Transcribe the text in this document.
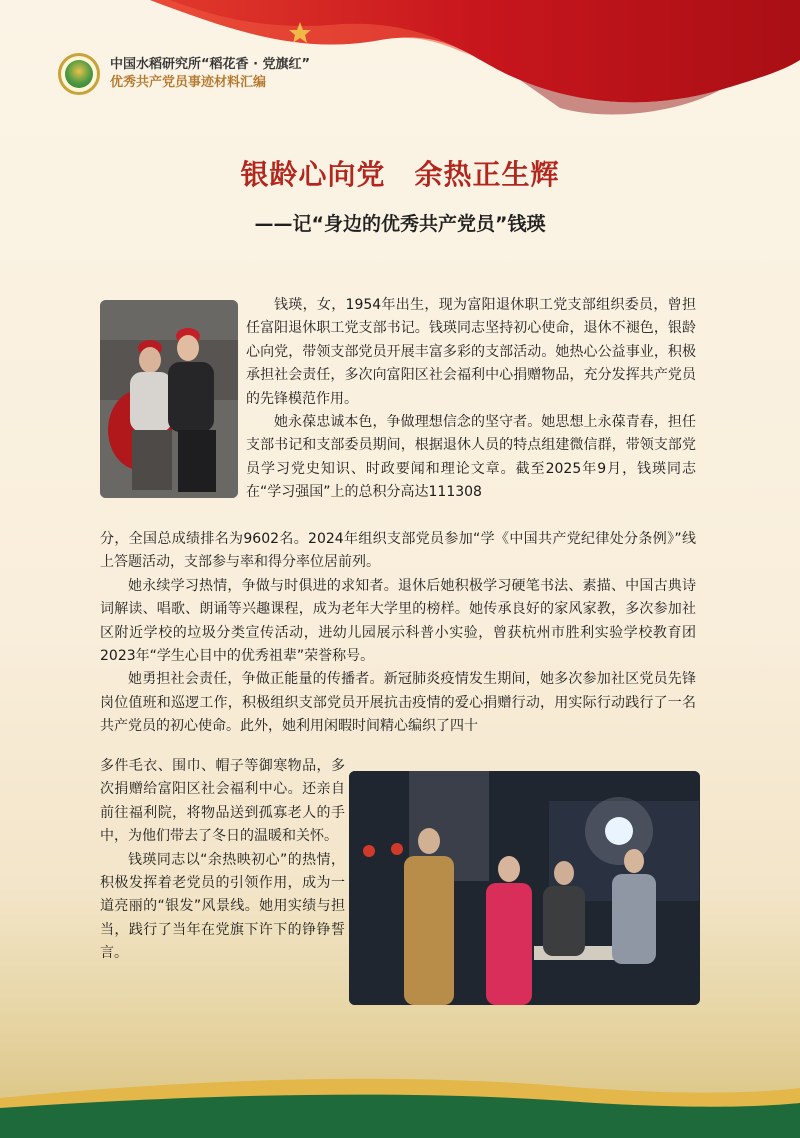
中国水稻研究所“稻花香 · 党旗红”
优秀共产党员事迹材料汇编
银龄心向党　余热正生辉
——记“身边的优秀共产党员”钱瑛

钱瑛，女，1954年出生，现为富阳退休职工党支部组织委员，曾担任富阳退休职工党支部书记。钱瑛同志坚持初心使命，退休不褪色，银龄心向党，带领支部党员开展丰富多彩的支部活动。她热心公益事业，积极承担社会责任，多次向富阳区社会福利中心捐赠物品，充分发挥共产党员的先锋模范作用。

她永葆忠诚本色，争做理想信念的坚守者。她思想上永葆青春，担任支部书记和支部委员期间，根据退休人员的特点组建微信群，带领支部党员学习党史知识、时政要闻和理论文章。截至2025年9月，钱瑛同志在“学习强国”上的总积分高达111308

分，全国总成绩排名为9602名。2024年组织支部党员参加“学《中国共产党纪律处分条例》”线上答题活动，支部参与率和得分率位居前列。

她永续学习热情，争做与时俱进的求知者。退休后她积极学习硬笔书法、素描、中国古典诗词解读、唱歌、朗诵等兴趣课程，成为老年大学里的榜样。她传承良好的家风家教，多次参加社区附近学校的垃圾分类宣传活动，进幼儿园展示科普小实验，曾获杭州市胜利实验学校教育团2023年“学生心目中的优秀祖辈”荣誉称号。

她勇担社会责任，争做正能量的传播者。新冠肺炎疫情发生期间，她多次参加社区党员先锋岗位值班和巡逻工作，积极组织支部党员开展抗击疫情的爱心捐赠行动，用实际行动践行了一名共产党员的初心使命。此外，她利用闲暇时间精心编织了四十

多件毛衣、围巾、帽子等御寒物品，多次捐赠给富阳区社会福利中心。还亲自前往福利院，将物品送到孤寡老人的手中，为他们带去了冬日的温暖和关怀。

钱瑛同志以“余热映初心”的热情，积极发挥着老党员的引领作用，成为一道亮丽的“银发”风景线。她用实绩与担当，践行了当年在党旗下许下的铮铮誓言。
